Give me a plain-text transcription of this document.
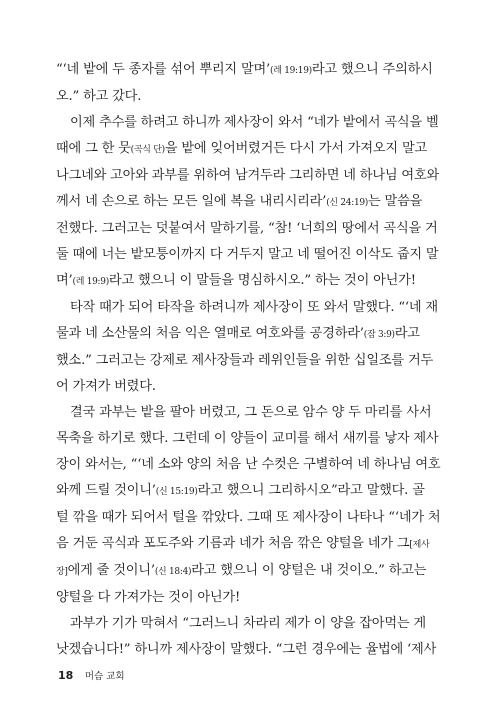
“‘네 밭에 두 종자를 섞어 뿌리지 말며’(레 19:19)라고 했으니 주의하시
오.” 하고 갔다.

이제 추수를 하려고 하니까 제사장이 와서 “네가 밭에서 곡식을 벨
때에 그 한 뭇(곡식 단)을 밭에 잊어버렸거든 다시 가서 가져오지 말고
나그네와 고아와 과부를 위하여 남겨두라 그리하면 네 하나님 여호와
께서 네 손으로 하는 모든 일에 복을 내리시리라’(신 24:19)는 말씀을
전했다. 그러고는 덧붙여서 말하기를, “참! ‘너희의 땅에서 곡식을 거
둘 때에 너는 밭모퉁이까지 다 거두지 말고 네 떨어진 이삭도 줍지 말
며’(레 19:9)라고 했으니 이 말들을 명심하시오.” 하는 것이 아닌가!

타작 때가 되어 타작을 하려니까 제사장이 또 와서 말했다. “‘네 재
물과 네 소산물의 처음 익은 열매로 여호와를 공경하라’(잠 3:9)라고
했소.” 그러고는 강제로 제사장들과 레위인들을 위한 십일조를 거두
어 가져가 버렸다.

결국 과부는 밭을 팔아 버렸고, 그 돈으로 암수 양 두 마리를 사서
목축을 하기로 했다. 그런데 이 양들이 교미를 해서 새끼를 낳자 제사
장이 와서는, “‘네 소와 양의 처음 난 수컷은 구별하여 네 하나님 여호
와께 드릴 것이니’(신 15:19)라고 했으니 그리하시오”라고 말했다. 골
털 깎을 때가 되어서 털을 깎았다. 그때 또 제사장이 나타나 “‘네가 처
음 거둔 곡식과 포도주와 기름과 네가 처음 깎은 양털을 네가 그[제사
장]에게 줄 것이니’(신 18:4)라고 했으니 이 양털은 내 것이오.” 하고는
양털을 다 가져가는 것이 아닌가!

과부가 기가 막혀서 “그러느니 차라리 제가 이 양을 잡아먹는 게
낫겠습니다!” 하니까 제사장이 말했다. “그런 경우에는 율법에 ‘제사

18 머슴 교회
